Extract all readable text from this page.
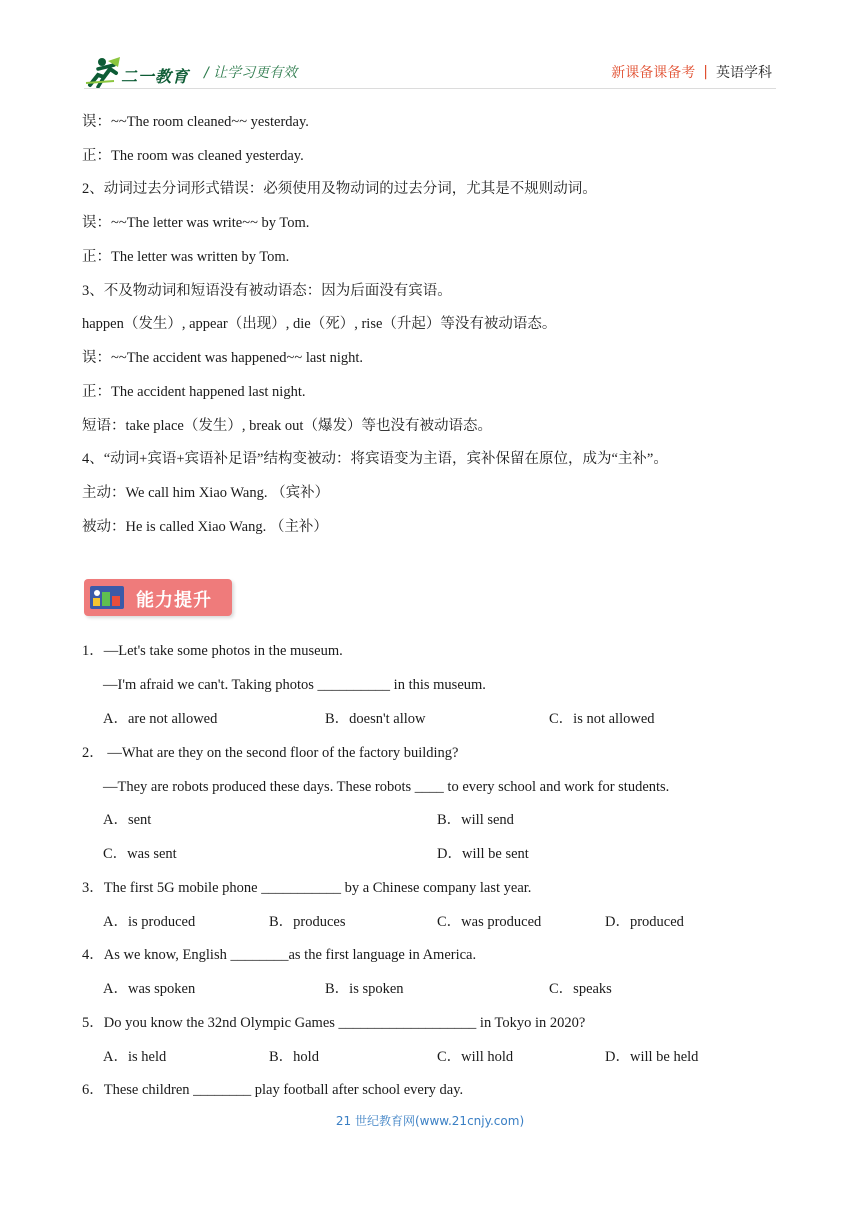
二一教育 / 让学习更有效	新课备课备考 | 英语学科
误：~~The room cleaned~~ yesterday.
正：The room was cleaned yesterday.
2、动词过去分词形式错误：必须使用及物动词的过去分词，尤其是不规则动词。
误：~~The letter was write~~ by Tom.
正：The letter was written by Tom.
3、不及物动词和短语没有被动语态：因为后面没有宾语。
happen（发生）, appear（出现）, die（死）, rise（升起）等没有被动语态。
误：~~The accident was happened~~ last night.
正：The accident happened last night.
短语：take place（发生）, break out（爆发）等也没有被动语态。
4、“动词+宾语+宾语补足语”结构变被动：将宾语变为主语，宾补保留在原位，成为“主补”。
主动：We call him Xiao Wang. （宾补）
被动：He is called Xiao Wang. （主补）
能力提升
1．—Let's take some photos in the museum.
—I'm afraid we can't. Taking photos __________ in this museum.
A．are not allowed	B．doesn't allow	C．is not allowed
2． —What are they on the second floor of the factory building?
—They are robots produced these days. These robots ____ to every school and work for students.
A．sent	B．will send
C．was sent	D．will be sent
3．The first 5G mobile phone ___________ by a Chinese company last year.
A．is produced	B．produces	C．was produced	D．produced
4．As we know, English ________as the first language in America.
A．was spoken	B．is spoken	C．speaks
5．Do you know the 32nd Olympic Games ___________________ in Tokyo in 2020?
A．is held	B．hold	C．will hold	D．will be held
6．These children ________ play football after school every day.
21 世纪教育网(www.21cnjy.com)
